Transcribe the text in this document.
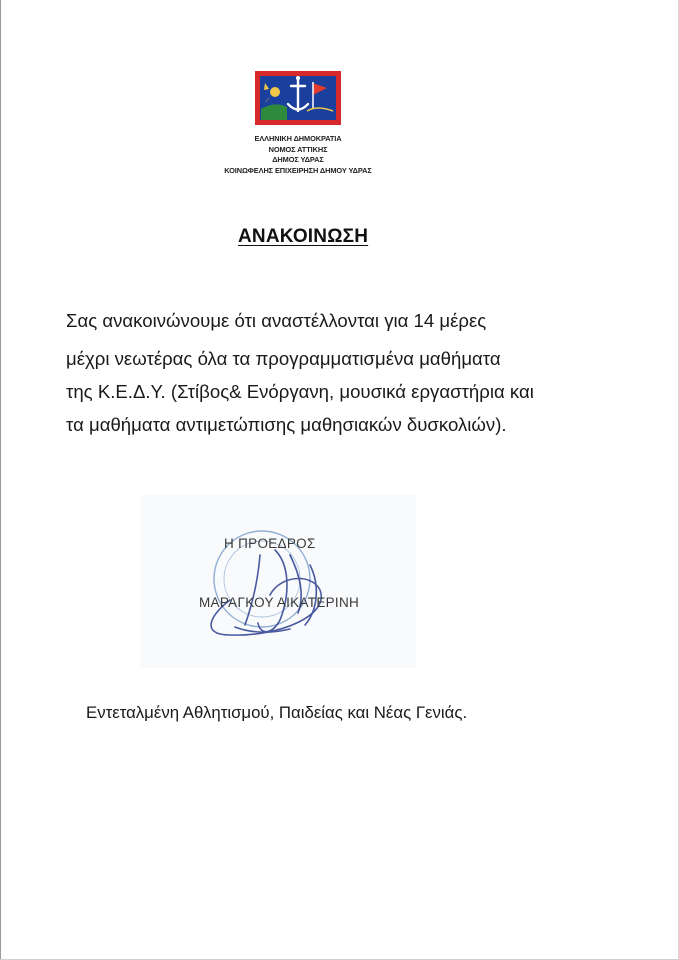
ΕΛΛΗΝΙΚΗ ΔΗΜΟΚΡΑΤΙΑ
ΝΟΜΟΣ ΑΤΤΙΚΗΣ
ΔΗΜΟΣ ΥΔΡΑΣ
ΚΟΙΝΩΦΕΛΗΣ ΕΠΙΧΕΙΡΗΣΗ ΔΗΜΟΥ ΥΔΡΑΣ
ΑΝΑΚΟΙΝΩΣΗ
Σας ανακοινώνουμε ότι αναστέλλονται για 14 μέρες
μέχρι νεωτέρας όλα τα προγραμματισμένα μαθήματα
της Κ.Ε.Δ.Υ. (Στίβος& Ενόργανη, μουσικά εργαστήρια και
τα μαθήματα αντιμετώπισης μαθησιακών δυσκολιών).
Η ΠΡΟΕΔΡΟΣ
ΜΑΡΑΓΚΟΥ ΑΙΚΑΤΕΡΙΝΗ
Εντεταλμένη Αθλητισμού, Παιδείας και Νέας Γενιάς.
